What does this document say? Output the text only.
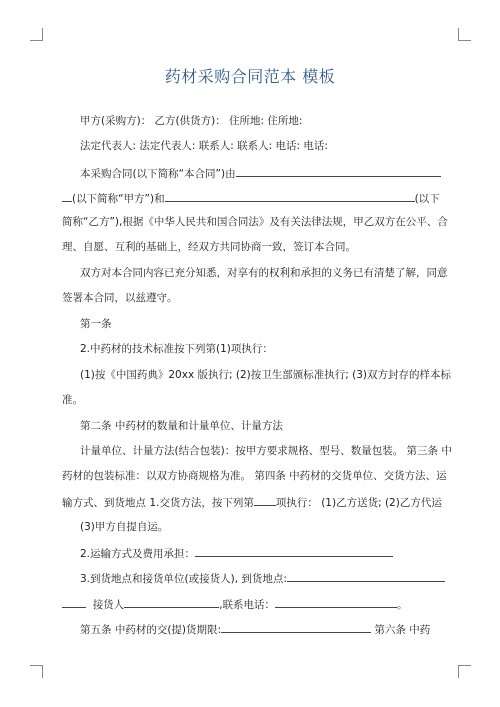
药材采购合同范本 模板
甲方(采购方)： 乙方(供货方)： 住所地: 住所地:
法定代表人: 法定代表人: 联系人: 联系人: 电话: 电话:
本采购合同(以下简称“本合同”)由
(以下简称“甲方”)和	(以下
简称“乙方”),根据《中华人民共和国合同法》及有关法律法规，甲乙双方在公平、合
理、自愿、互利的基础上，经双方共同协商一致，签订本合同。
双方对本合同内容已充分知悉，对享有的权利和承担的义务已有清楚了解，同意
签署本合同，以兹遵守。
第一条
2.中药材的技术标准按下列第(1)项执行：
(1)按《中国药典》20xx 版执行; (2)按卫生部颁标准执行; (3)双方封存的样本标
准。
第二条 中药材的数量和计量单位、计量方法
计量单位、计量方法(结合包装)：按甲方要求规格、型号、数量包装。 第三条 中
药材的包装标准：以双方协商规格为准。 第四条 中药材的交货单位、交货方法、运
输方式、到货地点 1.交货方法，按下列第 项执行： (1)乙方送货; (2)乙方代运
(3)甲方自提自运。
2.运输方式及费用承担：
3.到货地点和接货单位(或接货人), 到货地点:
接货人	,联系电话：	。
第五条 中药材的交(提)货期限:	第六条 中药
